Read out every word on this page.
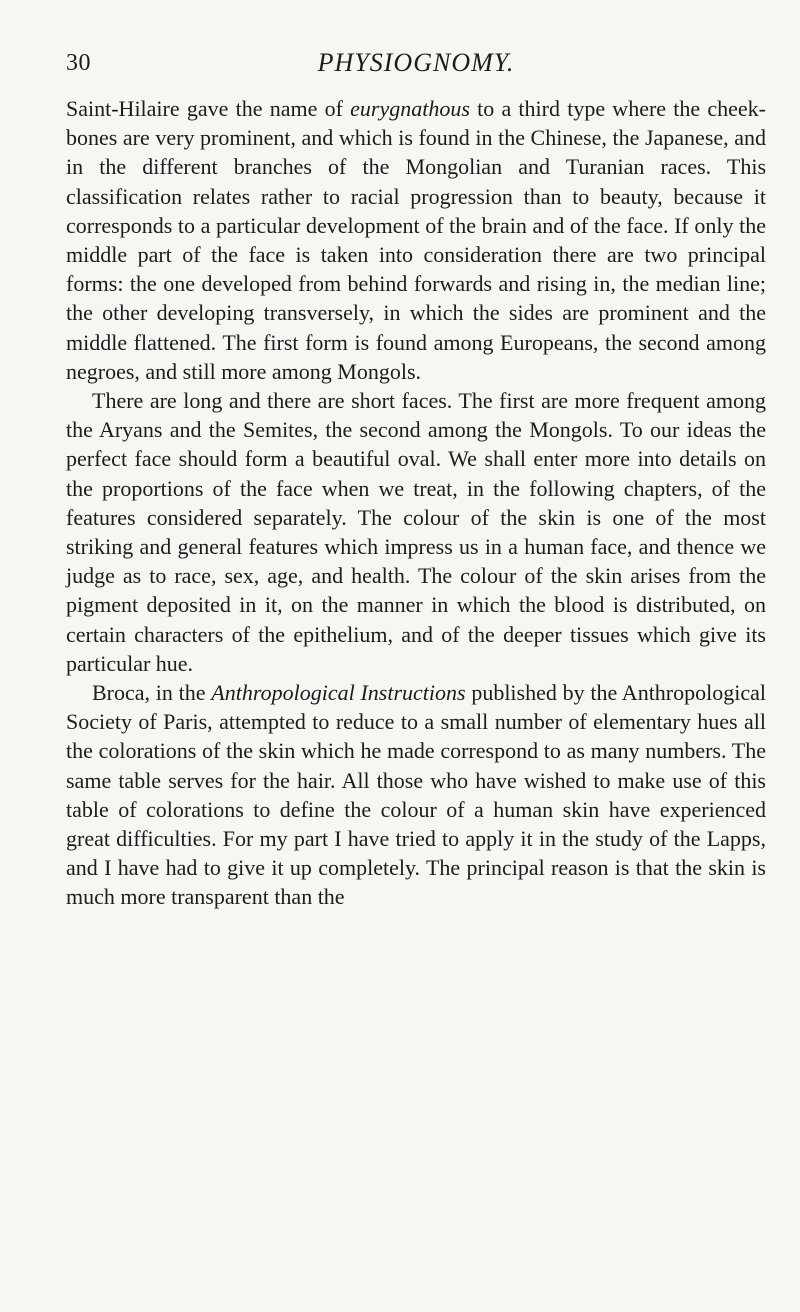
30	PHYSIOGNOMY.

Saint-Hilaire gave the name of eurygnathous to a third type where the cheek-bones are very prominent, and which is found in the Chinese, the Japanese, and in the different branches of the Mongolian and Turanian races. This classification relates rather to racial progression than to beauty, because it corresponds to a particular development of the brain and of the face. If only the middle part of the face is taken into consideration there are two principal forms: the one developed from behind forwards and rising in, the median line; the other developing transversely, in which the sides are prominent and the middle flattened. The first form is found among Europeans, the second among negroes, and still more among Mongols.

There are long and there are short faces. The first are more frequent among the Aryans and the Semites, the second among the Mongols. To our ideas the perfect face should form a beautiful oval. We shall enter more into details on the proportions of the face when we treat, in the following chapters, of the features considered separately. The colour of the skin is one of the most striking and general features which impress us in a human face, and thence we judge as to race, sex, age, and health. The colour of the skin arises from the pigment deposited in it, on the manner in which the blood is distributed, on certain characters of the epithelium, and of the deeper tissues which give its particular hue.

Broca, in the Anthropological Instructions published by the Anthropological Society of Paris, attempted to reduce to a small number of elementary hues all the colorations of the skin which he made correspond to as many numbers. The same table serves for the hair. All those who have wished to make use of this table of colorations to define the colour of a human skin have experienced great difficulties. For my part I have tried to apply it in the study of the Lapps, and I have had to give it up completely. The principal reason is that the skin is much more transparent than the
